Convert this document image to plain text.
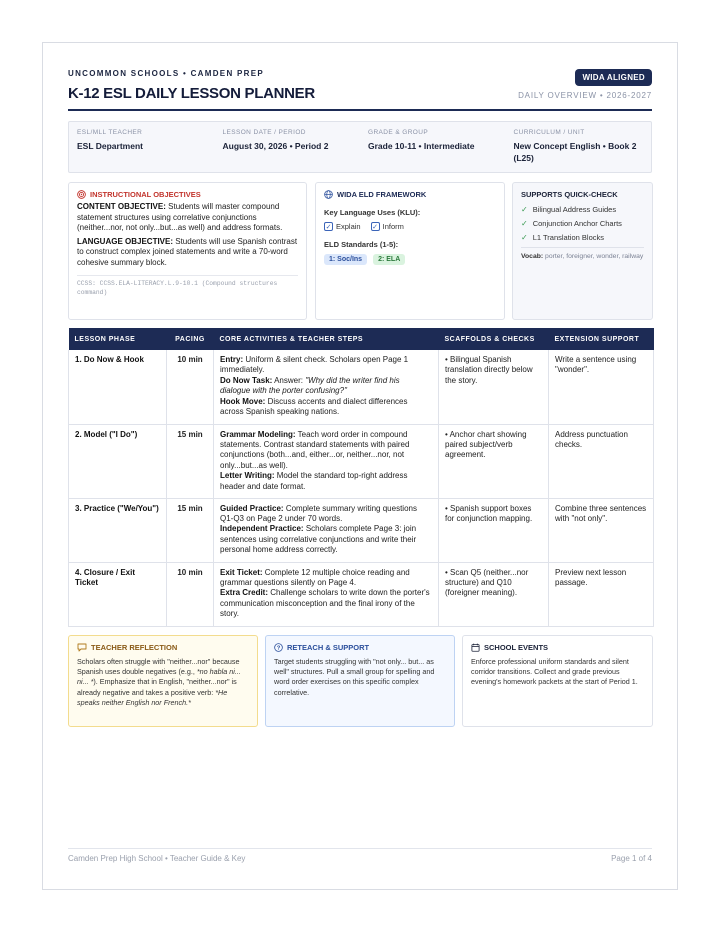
UNCOMMON SCHOOLS • CAMDEN PREP
K-12 ESL DAILY LESSON PLANNER
WIDA ALIGNED
DAILY OVERVIEW • 2026-2027
ESL/MLL TEACHER
ESL Department
LESSON DATE / PERIOD
August 30, 2026 • Period 2
GRADE & GROUP
Grade 10-11 • Intermediate
CURRICULUM / UNIT
New Concept English • Book 2 (L25)
INSTRUCTIONAL OBJECTIVES

CONTENT OBJECTIVE: Students will master compound statement structures using correlative conjunctions (neither...nor, not only...but...as well) and address formats.

LANGUAGE OBJECTIVE: Students will use Spanish contrast to construct complex joined statements and write a 70-word cohesive summary block.

CCSS: CCSS.ELA-LITERACY.L.9-10.1 (Compound structures command)
WIDA ELD FRAMEWORK
Key Language Uses (KLU):
✓ Explain ✓ Inform
ELD Standards (1-5):
1: Soc/Ins	2: ELA
SUPPORTS QUICK-CHECK
✓ Bilingual Address Guides
✓ Conjunction Anchor Charts
✓ L1 Translation Blocks
Vocab: porter, foreigner, wonder, railway
LESSON PHASE	PACING	CORE ACTIVITIES & TEACHER STEPS	SCAFFOLDS & CHECKS	EXTENSION SUPPORT
1. Do Now & Hook	10 min	Entry: Uniform & silent check. Scholars open Page 1 immediately.
Do Now Task: Answer: "Why did the writer find his dialogue with the porter confusing?"
Hook Move: Discuss accents and dialect differences across Spanish speaking nations.	• Bilingual Spanish translation directly below the story.	Write a sentence using "wonder".
2. Model ("I Do")	15 min	Grammar Modeling: Teach word order in compound statements. Contrast standard statements with paired conjunctions (both...and, either...or, neither...nor, not only...but...as well).
Letter Writing: Model the standard top-right address header and date format.	• Anchor chart showing paired subject/verb agreement.	Address punctuation checks.
3. Practice ("We/You")	15 min	Guided Practice: Complete summary writing questions Q1-Q3 on Page 2 under 70 words.
Independent Practice: Scholars complete Page 3: join sentences using correlative conjunctions and write their personal home address correctly.	• Spanish support boxes for conjunction mapping.	Combine three sentences with "not only".
4. Closure / Exit Ticket	10 min	Exit Ticket: Complete 12 multiple choice reading and grammar questions silently on Page 4.
Extra Credit: Challenge scholars to write down the porter's communication misconception and the final irony of the story.	• Scan Q5 (neither...nor structure) and Q10 (foreigner meaning).	Preview next lesson passage.
TEACHER REFLECTION

Scholars often struggle with "neither...nor" because Spanish uses double negatives (e.g., *no habla ni... ni... *). Emphasize that in English, "neither...nor" is already negative and takes a positive verb: *He speaks neither English nor French.*

? RETEACH & SUPPORT

Target students struggling with "not only... but... as well" structures. Pull a small group for spelling and word order exercises on this specific complex correlative.

SCHOOL EVENTS

Enforce professional uniform standards and silent corridor transitions. Collect and grade previous evening's homework packets at the start of Period 1.

Camden Prep High School • Teacher Guide & Key	Page 1 of 4
